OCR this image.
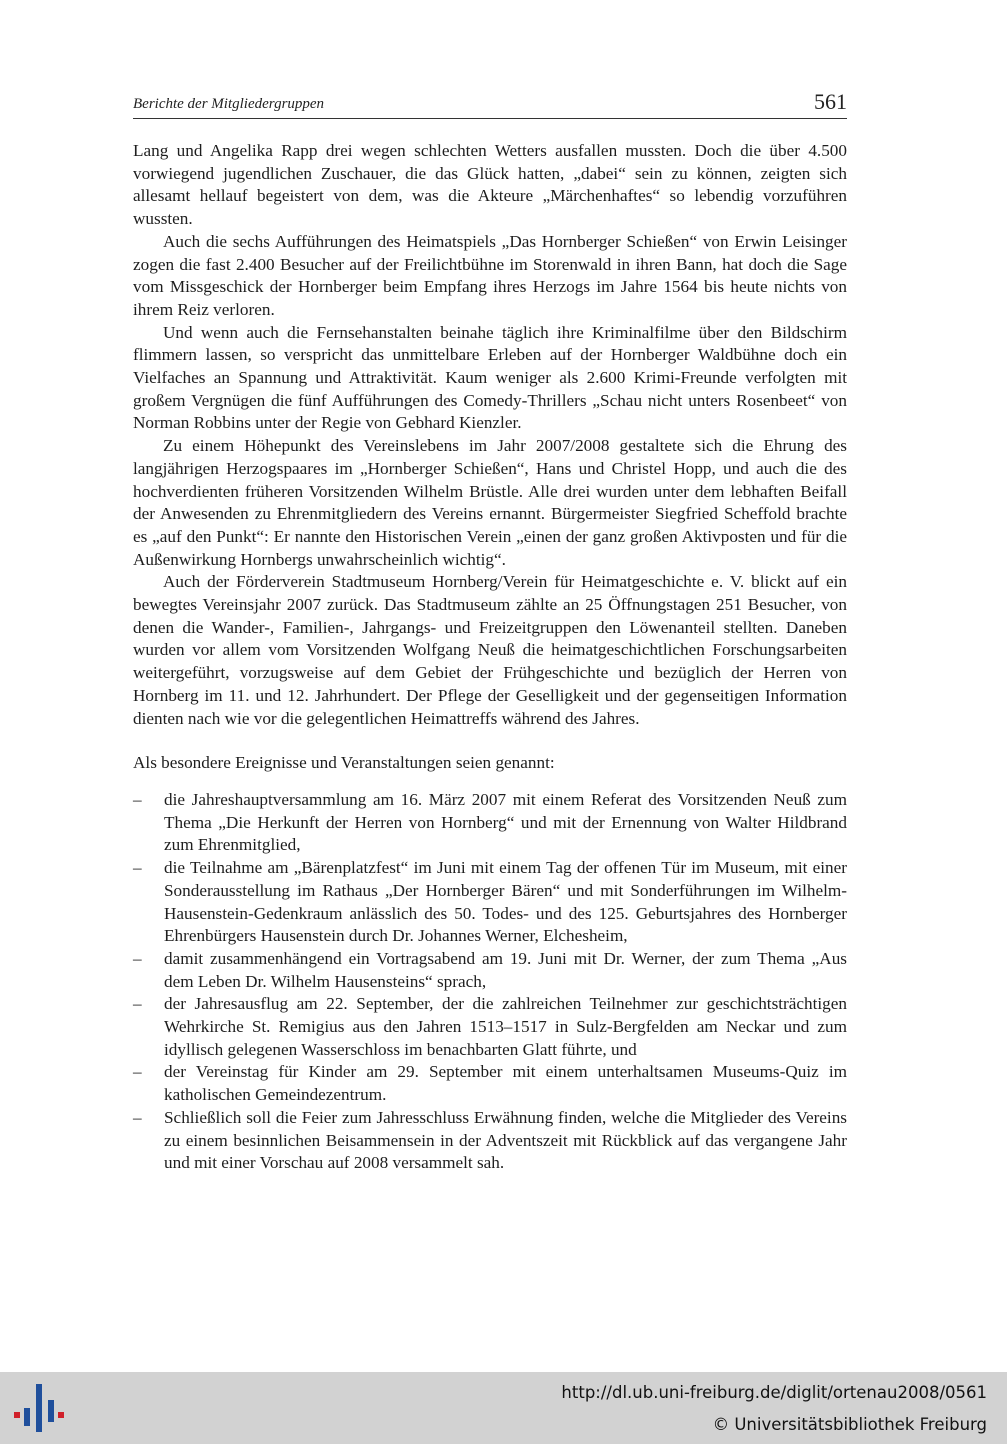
Berichte der Mitgliedergruppen	561

Lang und Angelika Rapp drei wegen schlechten Wetters ausfallen mussten. Doch die über 4.500 vorwiegend jugendlichen Zuschauer, die das Glück hatten, „dabei“ sein zu können, zeigten sich allesamt hellauf begeistert von dem, was die Akteure „Märchenhaftes“ so lebendig vorzuführen wussten.

Auch die sechs Aufführungen des Heimatspiels „Das Hornberger Schießen“ von Erwin Leisinger zogen die fast 2.400 Besucher auf der Freilichtbühne im Storenwald in ihren Bann, hat doch die Sage vom Missgeschick der Hornberger beim Empfang ihres Herzogs im Jahre 1564 bis heute nichts von ihrem Reiz verloren.

Und wenn auch die Fernsehanstalten beinahe täglich ihre Kriminalfilme über den Bildschirm flimmern lassen, so verspricht das unmittelbare Erleben auf der Hornberger Waldbühne doch ein Vielfaches an Spannung und Attraktivität. Kaum weniger als 2.600 Krimi-Freunde verfolgten mit großem Vergnügen die fünf Aufführungen des Comedy-Thrillers „Schau nicht unters Rosenbeet“ von Norman Robbins unter der Regie von Gebhard Kienzler.

Zu einem Höhepunkt des Vereinslebens im Jahr 2007/2008 gestaltete sich die Ehrung des langjährigen Herzogspaares im „Hornberger Schießen“, Hans und Christel Hopp, und auch die des hochverdienten früheren Vorsitzenden Wilhelm Brüstle. Alle drei wurden unter dem lebhaften Beifall der Anwesenden zu Ehrenmitgliedern des Vereins ernannt. Bürgermeister Siegfried Scheffold brachte es „auf den Punkt“: Er nannte den Historischen Verein „einen der ganz großen Aktivposten und für die Außenwirkung Hornbergs unwahrscheinlich wichtig“.

Auch der Förderverein Stadtmuseum Hornberg/Verein für Heimatgeschichte e. V. blickt auf ein bewegtes Vereinsjahr 2007 zurück. Das Stadtmuseum zählte an 25 Öffnungstagen 251 Besucher, von denen die Wander-, Familien-, Jahrgangs- und Freizeitgruppen den Löwenanteil stellten. Daneben wurden vor allem vom Vorsitzenden Wolfgang Neuß die heimatgeschichtlichen Forschungsarbeiten weitergeführt, vorzugsweise auf dem Gebiet der Frühgeschichte und bezüglich der Herren von Hornberg im 11. und 12. Jahrhundert. Der Pflege der Geselligkeit und der gegenseitigen Information dienten nach wie vor die gelegentlichen Heimattreffs während des Jahres.

Als besondere Ereignisse und Veranstaltungen seien genannt:

– die Jahreshauptversammlung am 16. März 2007 mit einem Referat des Vorsitzenden Neuß zum Thema „Die Herkunft der Herren von Hornberg“ und mit der Ernennung von Walter Hildbrand zum Ehrenmitglied,
– die Teilnahme am „Bärenplatzfest“ im Juni mit einem Tag der offenen Tür im Museum, mit einer Sonderausstellung im Rathaus „Der Hornberger Bären“ und mit Sonderführungen im Wilhelm-Hausenstein-Gedenkraum anlässlich des 50. Todes- und des 125. Geburtsjahres des Hornberger Ehrenbürgers Hausenstein durch Dr. Johannes Werner, Elchesheim,
– damit zusammenhängend ein Vortragsabend am 19. Juni mit Dr. Werner, der zum Thema „Aus dem Leben Dr. Wilhelm Hausensteins“ sprach,
– der Jahresausflug am 22. September, der die zahlreichen Teilnehmer zur geschichtsträchtigen Wehrkirche St. Remigius aus den Jahren 1513–1517 in Sulz-Bergfelden am Neckar und zum idyllisch gelegenen Wasserschloss im benachbarten Glatt führte, und
– der Vereinstag für Kinder am 29. September mit einem unterhaltsamen Museums-Quiz im katholischen Gemeindezentrum.
– Schließlich soll die Feier zum Jahresschluss Erwähnung finden, welche die Mitglieder des Vereins zu einem besinnlichen Beisammensein in der Adventszeit mit Rückblick auf das vergangene Jahr und mit einer Vorschau auf 2008 versammelt sah.
http://dl.ub.uni-freiburg.de/diglit/ortenau2008/0561
© Universitätsbibliothek Freiburg
